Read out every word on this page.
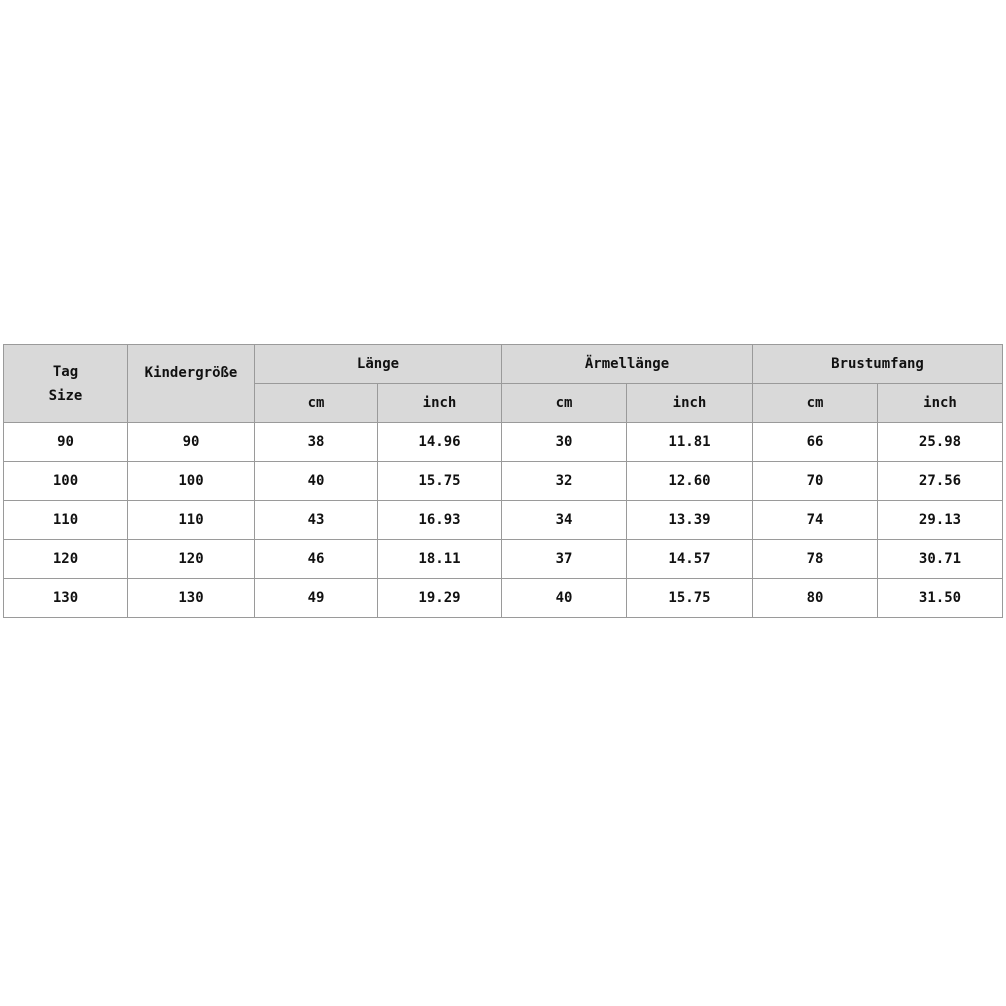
Tag
Size	Kindergröße	Länge		Ärmellänge		Brustumfang	
		cm	inch	cm	inch	cm	inch
90	90	38	14.96	30	11.81	66	25.98
100	100	40	15.75	32	12.60	70	27.56
110	110	43	16.93	34	13.39	74	29.13
120	120	46	18.11	37	14.57	78	30.71
130	130	49	19.29	40	15.75	80	31.50
